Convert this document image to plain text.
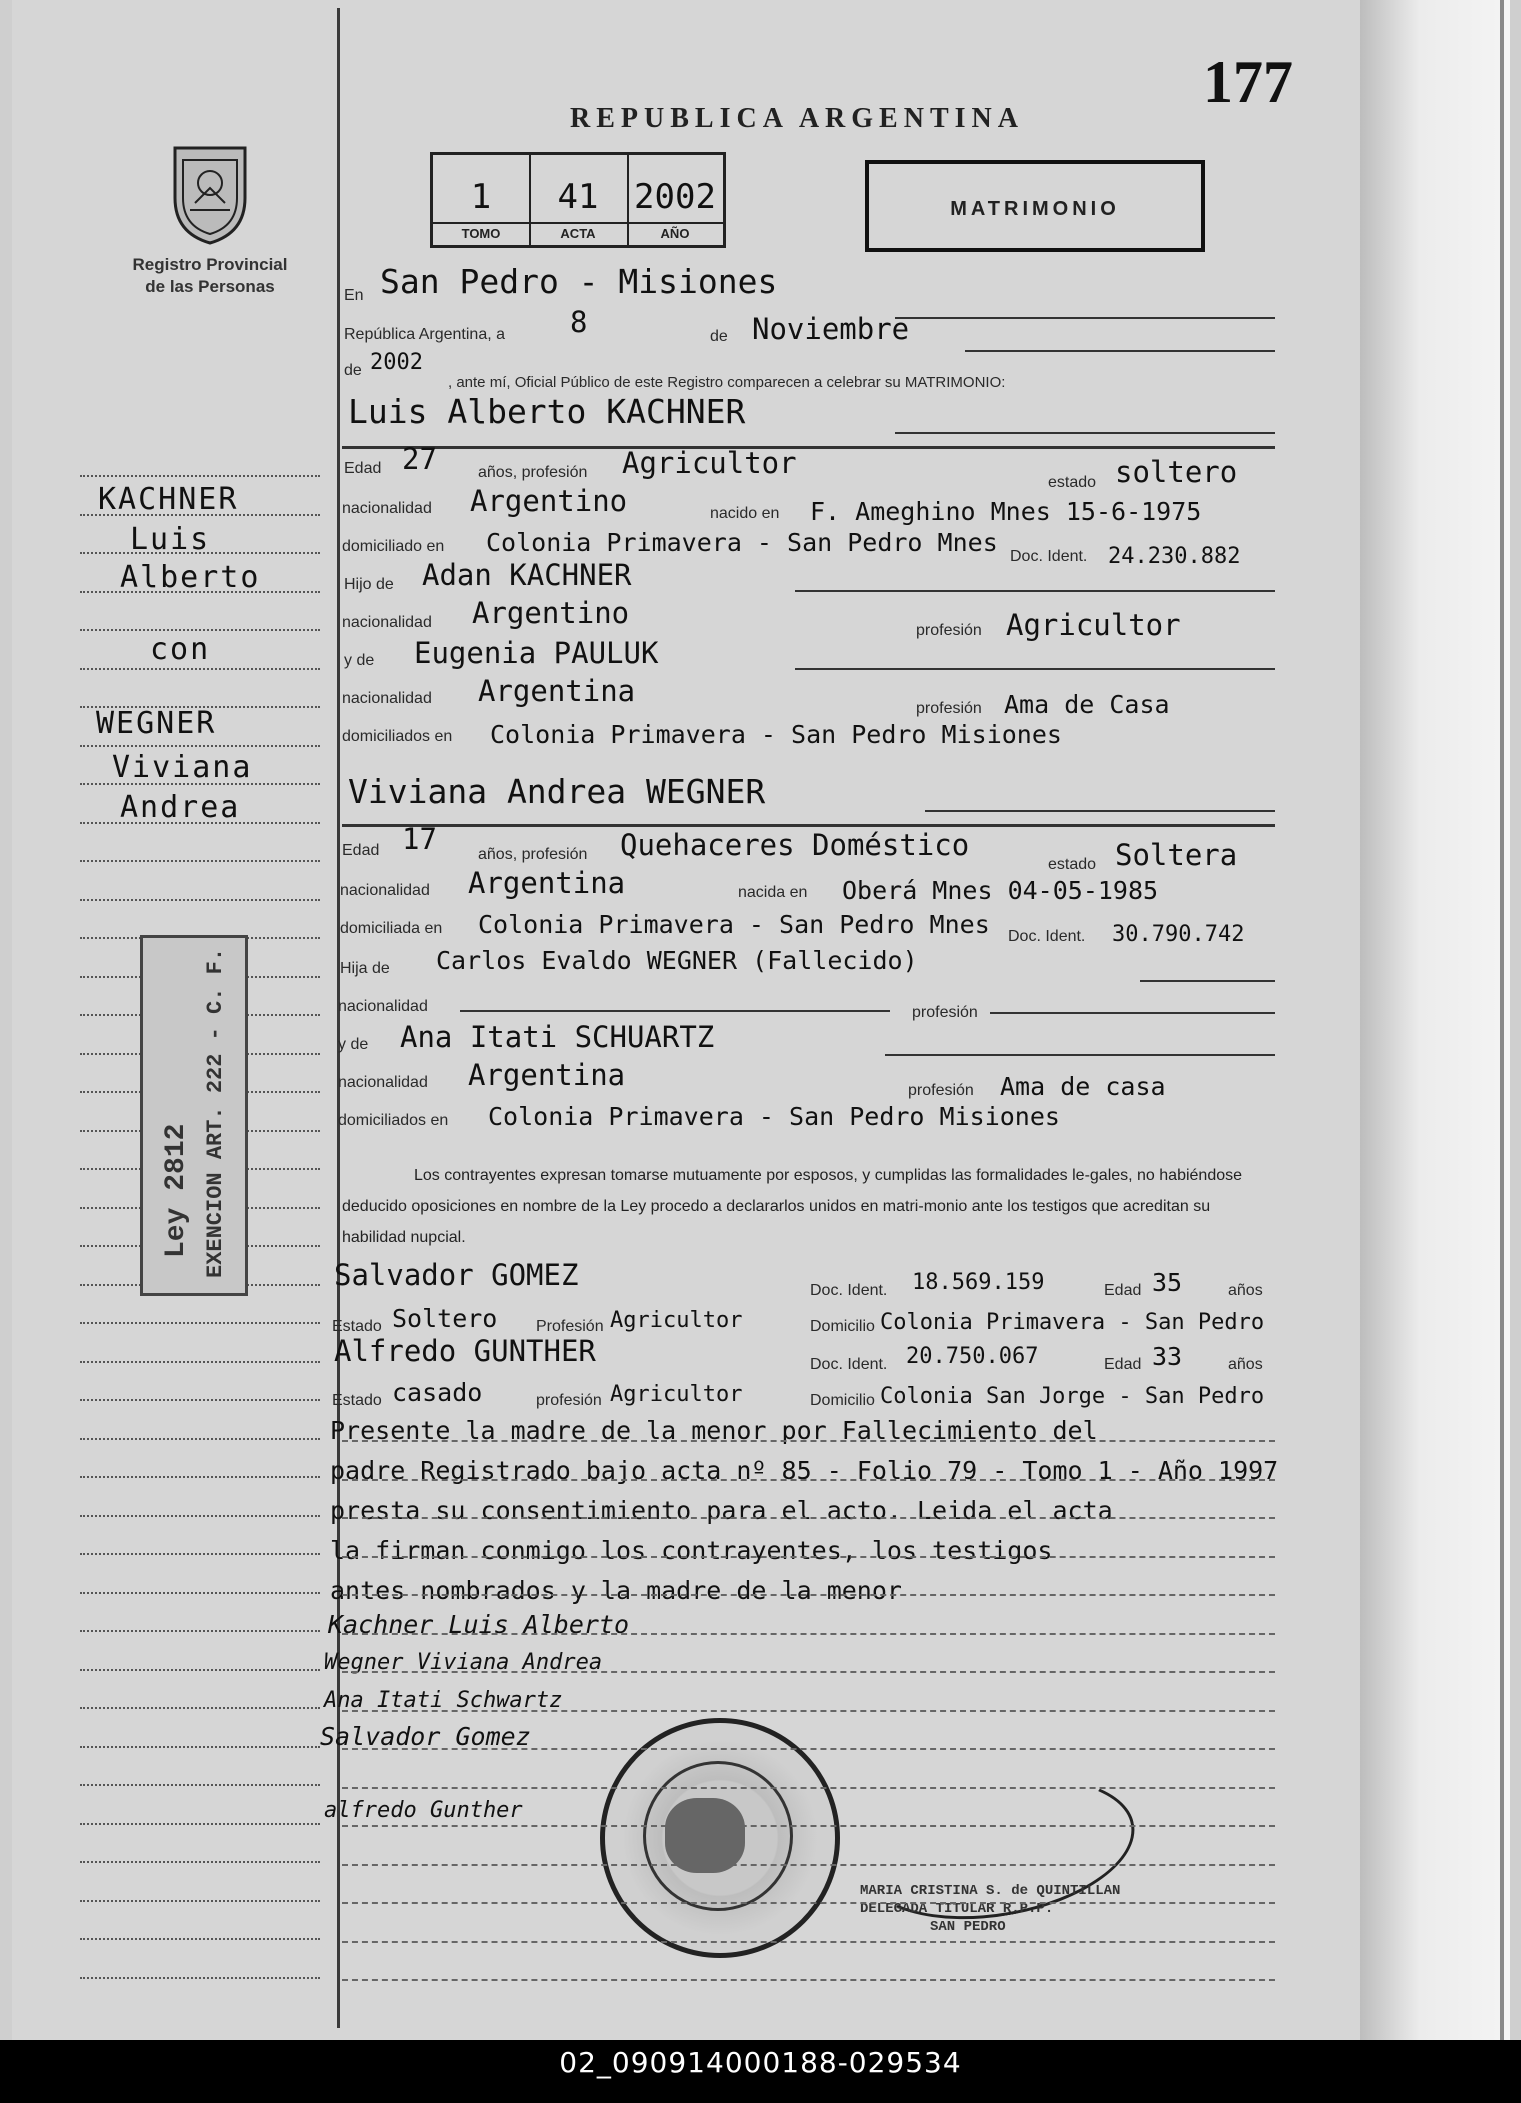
Registro Provincial
de las Personas
KACHNER
Luis
Alberto
con
WEGNER
Viviana
Andrea
Ley 2812 EXENCION ART. 222 - C. F.
177
REPUBLICA ARGENTINA
1
TOMO
41
ACTA
2002
AÑO
MATRIMONIO
En San Pedro - Misiones
República Argentina, a 8	de Noviembre
de 2002
, ante mí, Oficial Público de este Registro comparecen a celebrar su MATRIMONIO:
Luis Alberto KACHNER
Edad 27	años, profesión Agricultor
estado soltero
nacionalidad Argentino	nacido en F. Ameghino Mnes 15-6-1975
domiciliado en Colonia Primavera - San Pedro Mnes Doc. Ident. 24.230.882
Hijo de Adan KACHNER
nacionalidad Argentino
profesión Agricultor
y de Eugenia PAULUK
nacionalidad Argentina
profesión Ama de Casa
domiciliados en Colonia Primavera - San Pedro Misiones
Viviana Andrea WEGNER
Edad 17	años, profesión Quehaceres Doméstico
estado Soltera
nacionalidad Argentina	nacida en Oberá Mnes 04-05-1985
domiciliada en Colonia Primavera - San Pedro Mnes Doc. Ident. 30.790.742
Hija de Carlos Evaldo WEGNER (Fallecido)
nacionalidad	profesión
y de Ana Itati SCHUARTZ
nacionalidad Argentina	profesión Ama de casa
domiciliados en Colonia Primavera - San Pedro Misiones
Los contrayentes expresan tomarse mutuamente por esposos, y cumplidas las formalidades le-gales, no habiéndose deducido oposiciones en nombre de la Ley procedo a declararlos unidos en matri-monio ante los testigos que acreditan su habilidad nupcial.
Salvador GOMEZ	Doc. Ident. 18.569.159	Edad 35	años
Estado Soltero Profesión Agricultor	Domicilio Colonia Primavera - San Pedro
Alfredo GUNTHER	Doc. Ident. 20.750.067	Edad 33	años
Estado casado	profesión Agricultor	Domicilio Colonia San Jorge - San Pedro
Presente la madre de la menor por Fallecimiento del
padre Registrado bajo acta nº 85 - Folio 79 - Tomo 1 - Año 1997
presta su consentimiento para el acto. Leida el acta
la firman conmigo los contrayentes, los testigos
antes nombrados y la madre de la menor
Kachner Luis Alberto
Wegner Viviana Andrea
Ana Itati Schwartz
Salvador Gomez
alfredo Gunther
MARIA CRISTINA S. de QUINTILLAN
DELEGADA TITULAR R.P.P.
SAN PEDRO
02_090914000188-029534
